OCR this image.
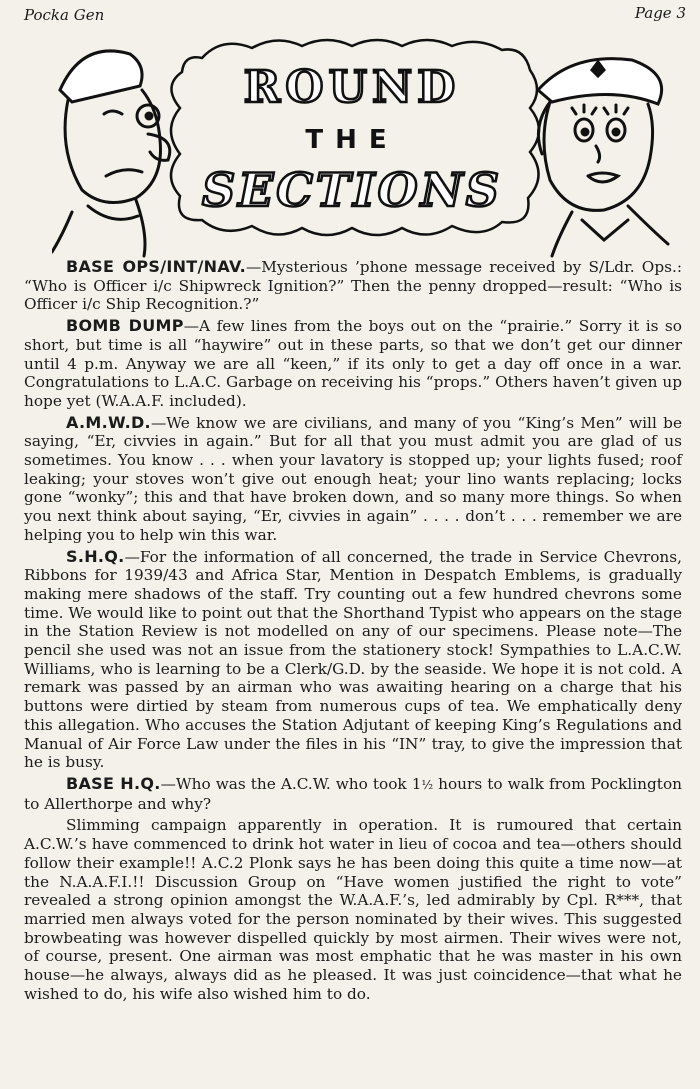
Pocka Gen	Page 3
ROUND
THE
SECTIONS

BASE OPS/INT/NAV.—Mysterious ’phone message received by S/Ldr. Ops.: “Who is Officer i/c Shipwreck Ignition?” Then the penny dropped—result: “Who is Officer i/c Ship Recognition.?”

BOMB DUMP—A few lines from the boys out on the “prairie.” Sorry it is so short, but time is all “haywire” out in these parts, so that we don’t get our dinner until 4 p.m. Anyway we are all “keen,” if its only to get a day off once in a war. Congratulations to L.A.C. Garbage on receiving his “props.” Others haven’t given up hope yet (W.A.A.F. included).

A.M.W.D.—We know we are civilians, and many of you “King’s Men” will be saying, “Er, civvies in again.” But for all that you must admit you are glad of us sometimes. You know . . . when your lavatory is stopped up; your lights fused; roof leaking; your stoves won’t give out enough heat; your lino wants replacing; locks gone “wonky”; this and that have broken down, and so many more things. So when you next think about saying, “Er, civvies in again” . . . . don’t . . . remember we are helping you to help win this war.

S.H.Q.—For the information of all concerned, the trade in Service Chevrons, Ribbons for 1939/43 and Africa Star, Mention in Despatch Emblems, is gradually making mere shadows of the staff. Try counting out a few hundred chevrons some time. We would like to point out that the Shorthand Typist who appears on the stage in the Station Review is not modelled on any of our specimens. Please note—The pencil she used was not an issue from the stationery stock! Sympathies to L.A.C.W. Williams, who is learning to be a Clerk/G.D. by the seaside. We hope it is not cold. A remark was passed by an airman who was awaiting hearing on a charge that his buttons were dirtied by steam from numerous cups of tea. We emphatically deny this allegation. Who accuses the Station Adjutant of keeping King’s Regulations and Manual of Air Force Law under the files in his “IN” tray, to give the impression that he is busy.

BASE H.Q.—Who was the A.C.W. who took 1½ hours to walk from Pocklington to Allerthorpe and why?

Slimming campaign apparently in operation. It is rumoured that certain A.C.W.’s have commenced to drink hot water in lieu of cocoa and tea—others should follow their example!! A.C.2 Plonk says he has been doing this quite a time now—at the N.A.A.F.I.!! Discussion Group on “Have women justified the right to vote” revealed a strong opinion amongst the W.A.A.F.’s, led admirably by Cpl. R***, that married men always voted for the person nominated by their wives. This suggested browbeating was however dispelled quickly by most airmen. Their wives were not, of course, present. One airman was most emphatic that he was master in his own house—he always, always did as he pleased. It was just coincidence—that what he wished to do, his wife also wished him to do.
